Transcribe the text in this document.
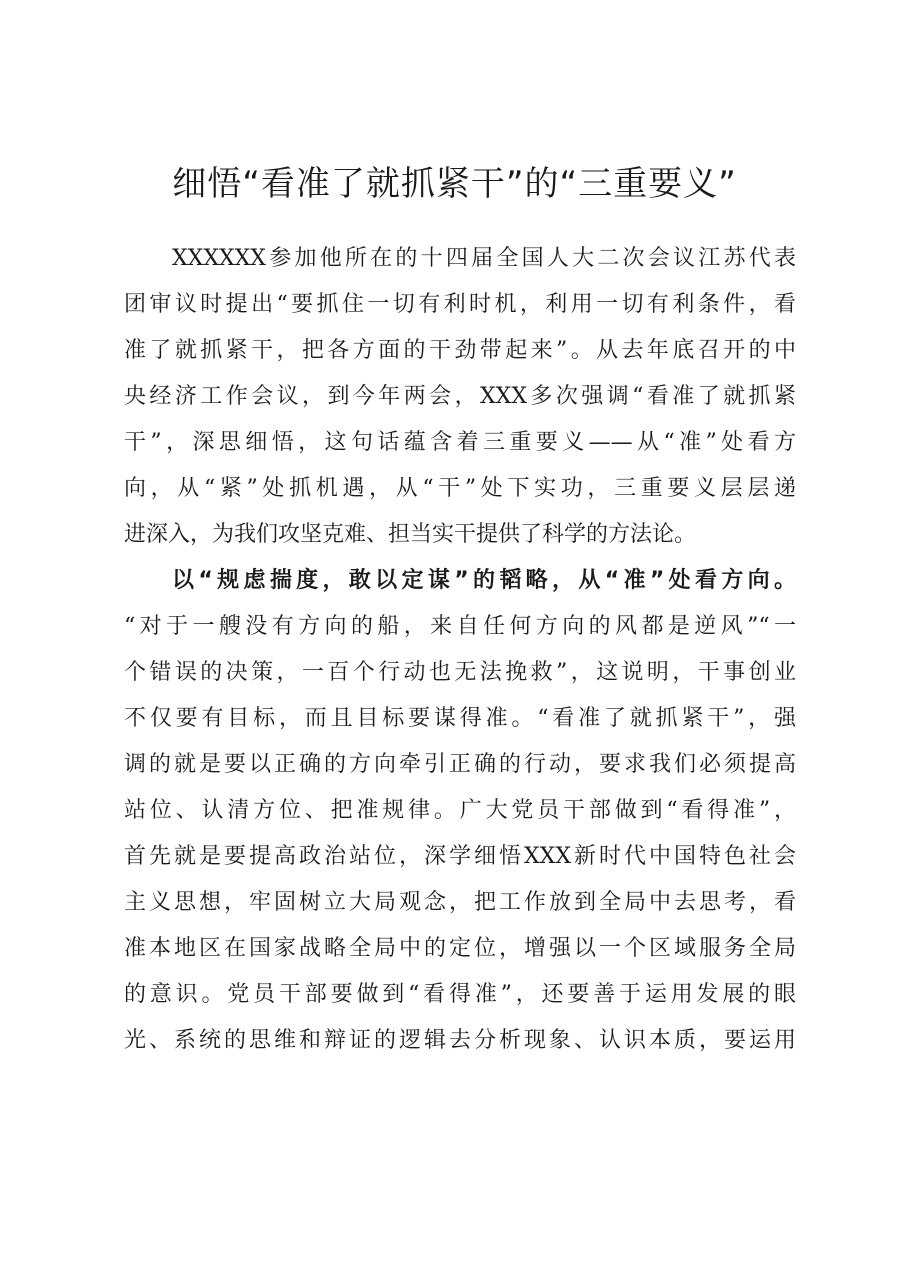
细悟“看准了就抓紧干”的“三重要义”
XXXXXX参加他所在的十四届全国人大二次会议江苏代表
团审议时提出“要抓住一切有利时机，利用一切有利条件，看
准了就抓紧干，把各方面的干劲带起来”。从去年底召开的中
央经济工作会议，到今年两会，XXX多次强调“看准了就抓紧
干”，深思细悟，这句话蕴含着三重要义——从“准”处看方
向，从“紧”处抓机遇，从“干”处下实功，三重要义层层递
进深入，为我们攻坚克难、担当实干提供了科学的方法论。
以“规虑揣度，敢以定谋”的韬略，从“准”处看方向。
“对于一艘没有方向的船，来自任何方向的风都是逆风”“一
个错误的决策，一百个行动也无法挽救”，这说明，干事创业
不仅要有目标，而且目标要谋得准。“看准了就抓紧干”，强
调的就是要以正确的方向牵引正确的行动，要求我们必须提高
站位、认清方位、把准规律。广大党员干部做到“看得准”，
首先就是要提高政治站位，深学细悟XXX新时代中国特色社会
主义思想，牢固树立大局观念，把工作放到全局中去思考，看
准本地区在国家战略全局中的定位，增强以一个区域服务全局
的意识。党员干部要做到“看得准”，还要善于运用发展的眼
光、系统的思维和辩证的逻辑去分析现象、认识本质，要运用
